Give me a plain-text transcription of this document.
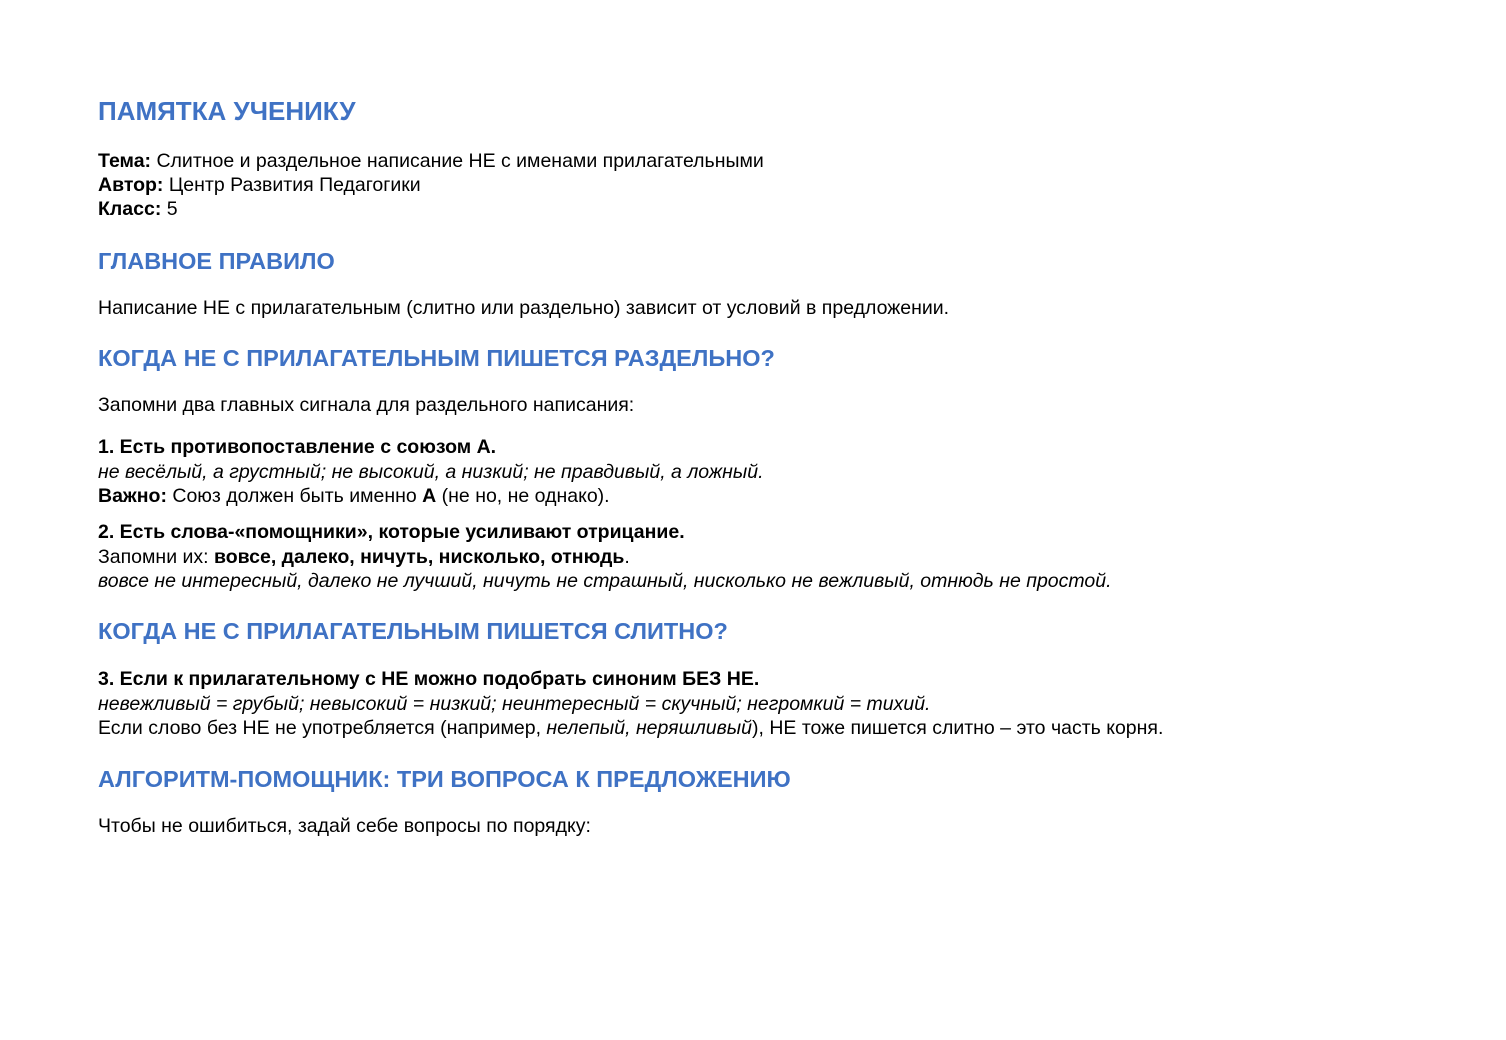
ПАМЯТКА УЧЕНИКУ

Тема: Слитное и раздельное написание НЕ с именами прилагательными

Автор: Центр Развития Педагогики

Класс: 5

ГЛАВНОЕ ПРАВИЛО

Написание НЕ с прилагательным (слитно или раздельно) зависит от условий в предложении.

КОГДА НЕ С ПРИЛАГАТЕЛЬНЫМ ПИШЕТСЯ РАЗДЕЛЬНО?

Запомни два главных сигнала для раздельного написания:

1. Есть противопоставление с союзом А.

не весёлый, а грустный; не высокий, а низкий; не правдивый, а ложный.

Важно: Союз должен быть именно А (не но, не однако).

2. Есть слова-«помощники», которые усиливают отрицание.

Запомни их: вовсе, далеко, ничуть, нисколько, отнюдь.

вовсе не интересный, далеко не лучший, ничуть не страшный, нисколько не вежливый, отнюдь не простой.

КОГДА НЕ С ПРИЛАГАТЕЛЬНЫМ ПИШЕТСЯ СЛИТНО?

3. Если к прилагательному с НЕ можно подобрать синоним БЕЗ НЕ.

невежливый = грубый; невысокий = низкий; неинтересный = скучный; негромкий = тихий.

Если слово без НЕ не употребляется (например, нелепый, неряшливый), НЕ тоже пишется слитно – это часть корня.

АЛГОРИТМ-ПОМОЩНИК: ТРИ ВОПРОСА К ПРЕДЛОЖЕНИЮ

Чтобы не ошибиться, задай себе вопросы по порядку:
